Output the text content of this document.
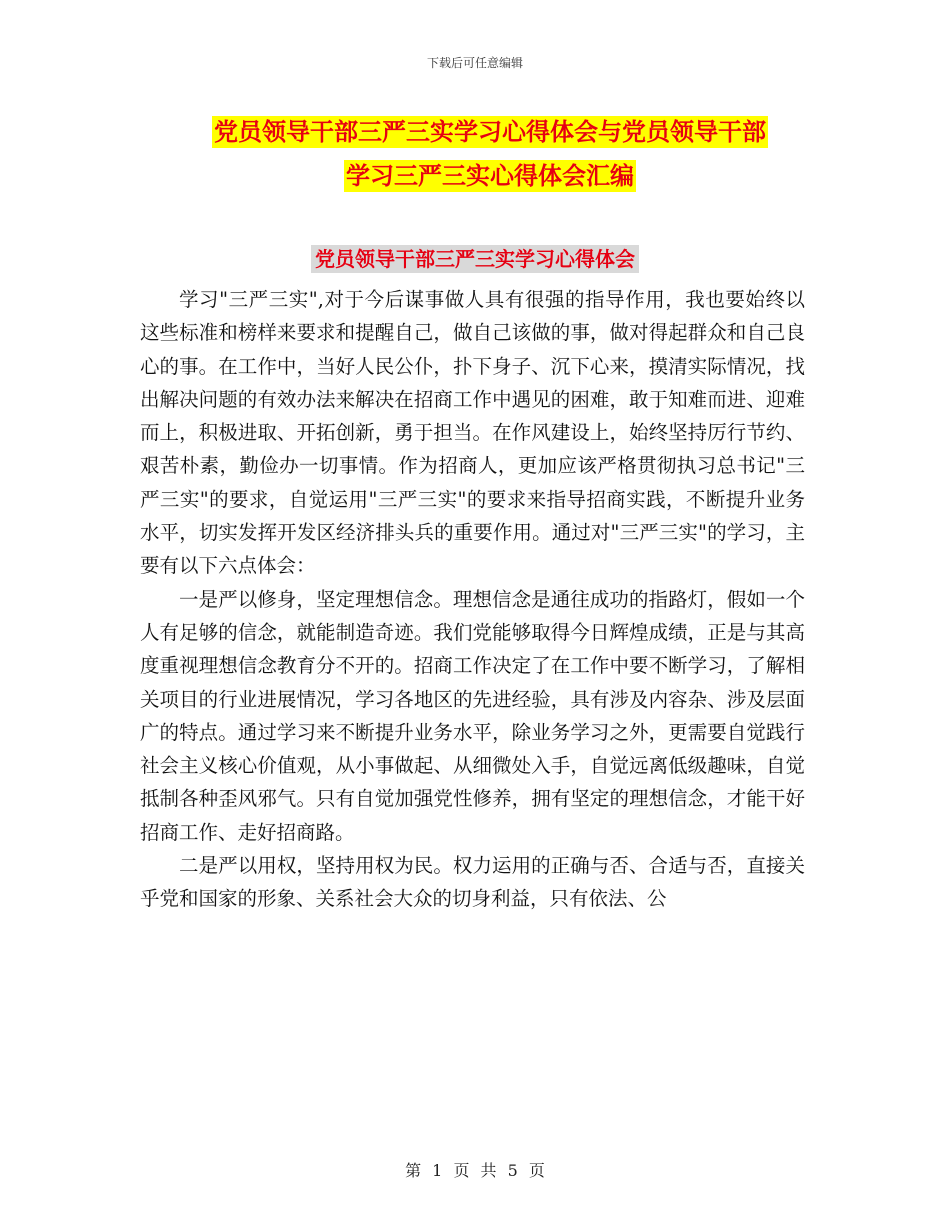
下载后可任意编辑
党员领导干部三严三实学习心得体会与党员领导干部
学习三严三实心得体会汇编
党员领导干部三严三实学习心得体会

学习"三严三实",对于今后谋事做人具有很强的指导作用，我也要始终以这些标准和榜样来要求和提醒自己，做自己该做的事，做对得起群众和自己良心的事。在工作中，当好人民公仆，扑下身子、沉下心来，摸清实际情况，找出解决问题的有效办法来解决在招商工作中遇见的困难，敢于知难而进、迎难而上，积极进取、开拓创新，勇于担当。在作风建设上，始终坚持厉行节约、艰苦朴素，勤俭办一切事情。作为招商人，更加应该严格贯彻执习总书记"三严三实"的要求，自觉运用"三严三实"的要求来指导招商实践，不断提升业务水平，切实发挥开发区经济排头兵的重要作用。通过对"三严三实"的学习，主要有以下六点体会：

一是严以修身，坚定理想信念。理想信念是通往成功的指路灯，假如一个人有足够的信念，就能制造奇迹。我们党能够取得今日辉煌成绩，正是与其高度重视理想信念教育分不开的。招商工作决定了在工作中要不断学习，了解相关项目的行业进展情况，学习各地区的先进经验，具有涉及内容杂、涉及层面广的特点。通过学习来不断提升业务水平，除业务学习之外，更需要自觉践行社会主义核心价值观，从小事做起、从细微处入手，自觉远离低级趣味，自觉抵制各种歪风邪气。只有自觉加强党性修养，拥有坚定的理想信念，才能干好招商工作、走好招商路。

二是严以用权，坚持用权为民。权力运用的正确与否、合适与否，直接关乎党和国家的形象、关系社会大众的切身利益，只有依法、公

第 1 页 共 5 页
